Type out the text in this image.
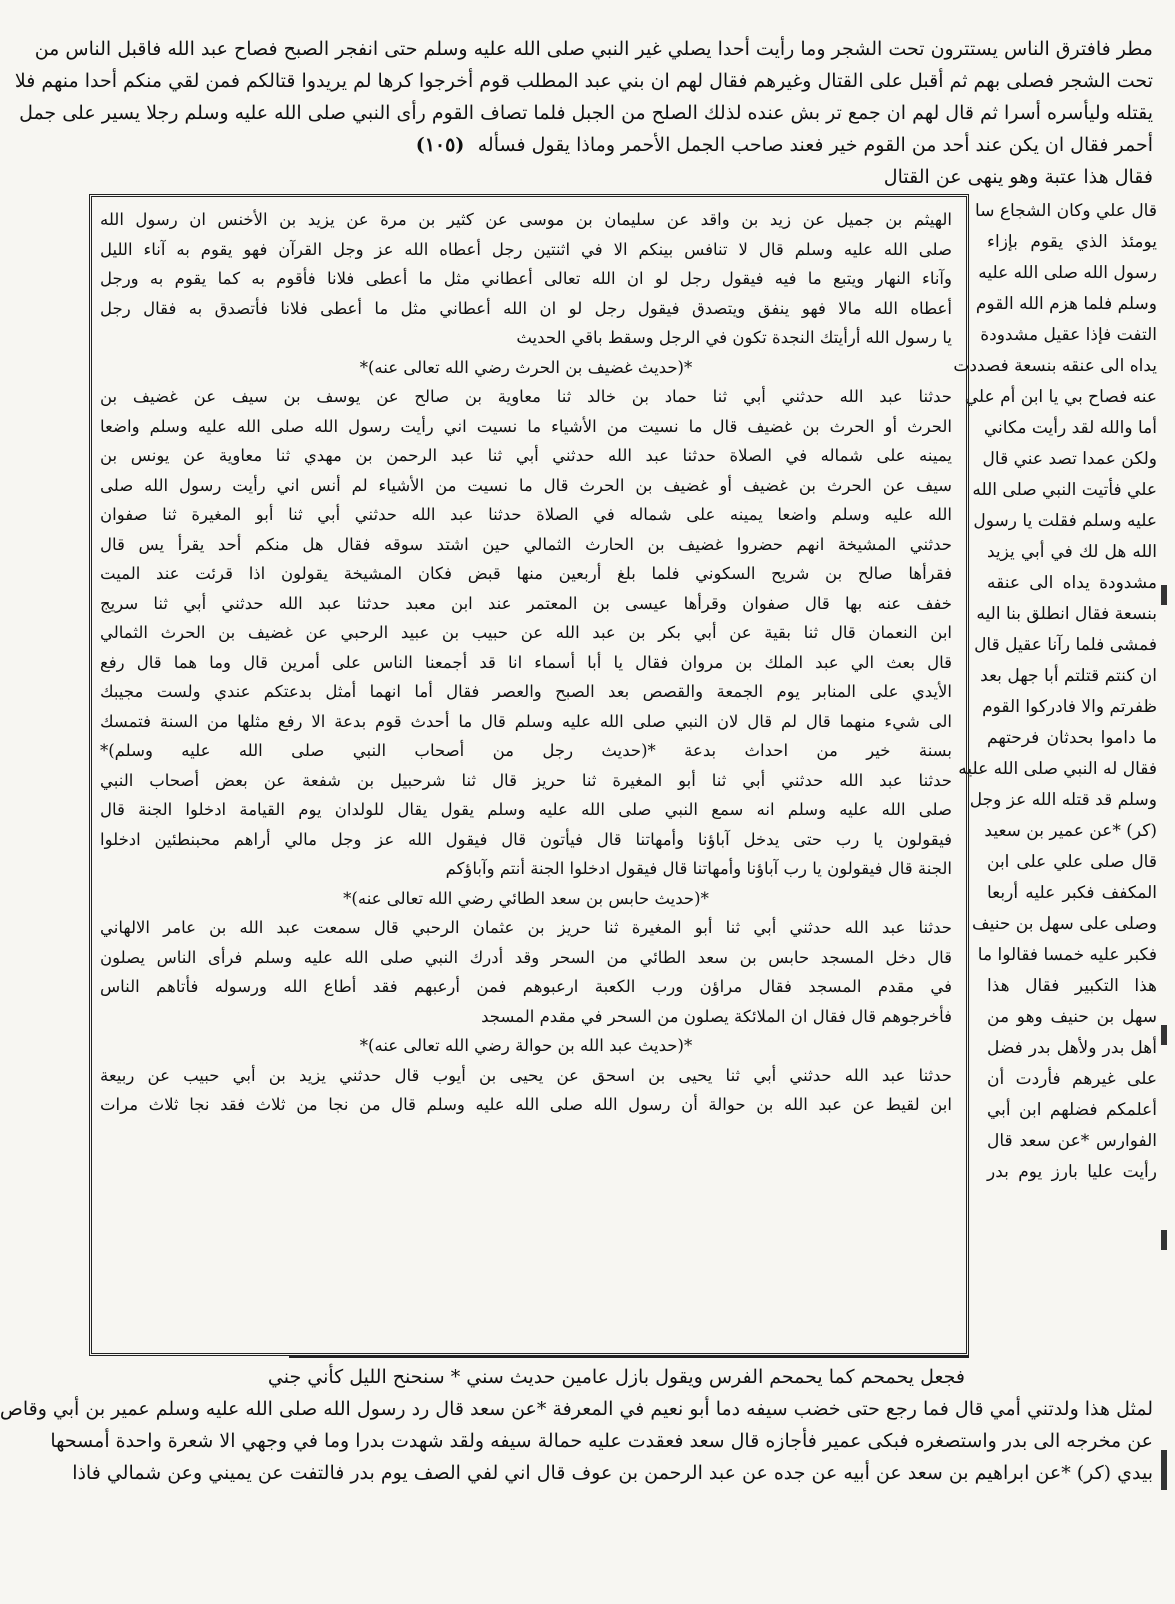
مطر فافترق الناس يستترون تحت الشجر وما رأيت أحدا يصلي غير النبي صلى الله عليه وسلم حتى انفجر الصبح فصاح عبد الله فاقبل الناس من
تحت الشجر فصلى بهم ثم أقبل على القتال وغيرهم فقال لهم ان بني عبد المطلب قوم أخرجوا كرها لم يريدوا قتالكم فمن لقي منكم أحدا منهم فلا
يقتله وليأسره أسرا ثم قال لهم ان جمع تر بش عنده لذلك الصلح من الجبل فلما تصاف القوم رأى النبي صلى الله عليه وسلم رجلا يسير على جمل
أحمر فقال ان يكن عند أحد من القوم خير فعند صاحب الجمل الأحمر وماذا يقول فسأله
(١٠٥)
فقال هذا عتبة وهو ينهى عن القتال
قال علي وكان الشجاع سا
يومئذ الذي يقوم بإزاء
رسول الله صلى الله عليه
وسلم فلما هزم الله القوم
التفت فإذا عقيل مشدودة
يداه الى عنقه بنسعة فصددت
عنه فصاح بي يا ابن أم علي
أما والله لقد رأيت مكاني
ولكن عمدا تصد عني قال
علي فأتيت النبي صلى الله
عليه وسلم فقلت يا رسول
الله هل لك في أبي يزيد
مشدودة يداه الى عنقه
بنسعة فقال انطلق بنا اليه
فمشى فلما رآنا عقيل قال
ان كنتم قتلتم أبا جهل بعد
ظفرتم والا فادركوا القوم
ما داموا بحدثان فرحتهم
فقال له النبي صلى الله عليه
وسلم قد قتله الله عز وجل
(كر) *عن عمير بن سعيد
قال صلى علي على ابن
المكفف فكبر عليه أربعا
وصلى على سهل بن حنيف
فكبر عليه خمسا فقالوا ما
هذا التكبير فقال هذا
سهل بن حنيف وهو من
أهل بدر ولأهل بدر فضل
على غيرهم فأردت أن
أعلمكم فضلهم ابن أبي
الفوارس *عن سعد قال
رأيت عليا بارز يوم بدر
الهيثم بن جميل عن زيد بن واقد عن سليمان بن موسى عن كثير بن مرة عن يزيد بن الأخنس ان رسول الله
صلى الله عليه وسلم قال لا تنافس بينكم الا في اثنتين رجل أعطاه الله عز وجل القرآن فهو يقوم به آناء الليل
وآناء النهار ويتبع ما فيه فيقول رجل لو ان الله تعالى أعطاني مثل ما أعطى فلانا فأقوم به كما يقوم به ورجل
أعطاه الله مالا فهو ينفق ويتصدق فيقول رجل لو ان الله أعطاني مثل ما أعطى فلانا فأتصدق به فقال رجل
يا رسول الله أرأيتك النجدة تكون في الرجل وسقط باقي الحديث
*(حديث غضيف بن الحرث رضي الله تعالى عنه)*
حدثنا عبد الله حدثني أبي ثنا حماد بن خالد ثنا معاوية بن صالح عن يوسف بن سيف عن غضيف بن
الحرث أو الحرث بن غضيف قال ما نسيت من الأشياء ما نسيت اني رأيت رسول الله صلى الله عليه وسلم واضعا
يمينه على شماله في الصلاة حدثنا عبد الله حدثني أبي ثنا عبد الرحمن بن مهدي ثنا معاوية عن يونس بن
سيف عن الحرث بن غضيف أو غضيف بن الحرث قال ما نسيت من الأشياء لم أنس اني رأيت رسول الله صلى
الله عليه وسلم واضعا يمينه على شماله في الصلاة حدثنا عبد الله حدثني أبي ثنا أبو المغيرة ثنا صفوان
حدثني المشيخة انهم حضروا غضيف بن الحارث الثمالي حين اشتد سوقه فقال هل منكم أحد يقرأ يس قال
فقرأها صالح بن شريح السكوني فلما بلغ أربعين منها قبض فكان المشيخة يقولون اذا قرئت عند الميت
خفف عنه بها قال صفوان وقرأها عيسى بن المعتمر عند ابن معبد حدثنا عبد الله حدثني أبي ثنا سريج
ابن النعمان قال ثنا بقية عن أبي بكر بن عبد الله عن حبيب بن عبيد الرحبي عن غضيف بن الحرث الثمالي
قال بعث الي عبد الملك بن مروان فقال يا أبا أسماء انا قد أجمعنا الناس على أمرين قال وما هما قال رفع
الأيدي على المنابر يوم الجمعة والقصص بعد الصبح والعصر فقال أما انهما أمثل بدعتكم عندي ولست مجيبك
الى شيء منهما قال لم قال لان النبي صلى الله عليه وسلم قال ما أحدث قوم بدعة الا رفع مثلها من السنة فتمسك
بسنة خير من احداث بدعة *(حديث رجل من أصحاب النبي صلى الله عليه وسلم)*
حدثنا عبد الله حدثني أبي ثنا أبو المغيرة ثنا حريز قال ثنا شرحبيل بن شفعة عن بعض أصحاب النبي
صلى الله عليه وسلم انه سمع النبي صلى الله عليه وسلم يقول يقال للولدان يوم القيامة ادخلوا الجنة قال
فيقولون يا رب حتى يدخل آباؤنا وأمهاتنا قال فيأتون قال فيقول الله عز وجل مالي أراهم محبنطئين ادخلوا
الجنة قال فيقولون يا رب آباؤنا وأمهاتنا قال فيقول ادخلوا الجنة أنتم وآباؤكم
*(حديث حابس بن سعد الطائي رضي الله تعالى عنه)*
حدثنا عبد الله حدثني أبي ثنا أبو المغيرة ثنا حريز بن عثمان الرحبي قال سمعت عبد الله بن عامر الالهاني
قال دخل المسجد حابس بن سعد الطائي من السحر وقد أدرك النبي صلى الله عليه وسلم فرأى الناس يصلون
في مقدم المسجد فقال مراؤن ورب الكعبة ارعبوهم فمن أرعبهم فقد أطاع الله ورسوله فأتاهم الناس
فأخرجوهم قال فقال ان الملائكة يصلون من السحر في مقدم المسجد
*(حديث عبد الله بن حوالة رضي الله تعالى عنه)*
حدثنا عبد الله حدثني أبي ثنا يحيى بن اسحق عن يحيى بن أيوب قال حدثني يزيد بن أبي حبيب عن ربيعة
ابن لقيط عن عبد الله بن حوالة أن رسول الله صلى الله عليه وسلم قال من نجا من ثلاث فقد نجا ثلاث مرات
فجعل يحمحم كما يحمحم الفرس ويقول بازل عامين حديث سني * سنحنح الليل كأني جني
لمثل هذا ولدتني أمي قال فما رجع حتى خضب سيفه دما أبو نعيم في المعرفة *عن سعد قال رد رسول الله صلى الله عليه وسلم عمير بن أبي وقاص
عن مخرجه الى بدر واستصغره فبكى عمير فأجازه قال سعد فعقدت عليه حمالة سيفه ولقد شهدت بدرا وما في وجهي الا شعرة واحدة أمسحها
بيدي (كر) *عن ابراهيم بن سعد عن أبيه عن جده عن عبد الرحمن بن عوف قال اني لفي الصف يوم بدر فالتفت عن يميني وعن شمالي فاذا
